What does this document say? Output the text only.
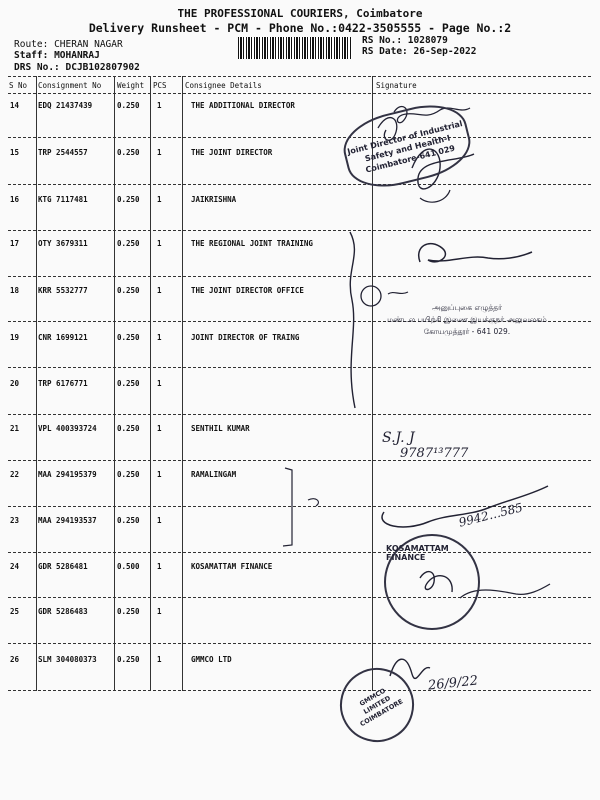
THE PROFESSIONAL COURIERS, Coimbatore
Delivery Runsheet - PCM - Phone No.:0422-3505555 - Page No.:2
Route: CHERAN NAGAR
Staff: MOHANRAJ
DRS No.: DCJB102807902
RS No.: 1028079
RS Date: 26-Sep-2022
S No Consignment No Weight PCS Consignee Details	Signature
14	EDQ 21437439	0.250 1	THE ADDITIONAL DIRECTOR
15	TRP 2544557	0.250 1	THE JOINT DIRECTOR
16	KTG 7117481	0.250 1	JAIKRISHNA
17	OTY 3679311	0.250 1	THE REGIONAL JOINT TRAINING
18	KRR 5532777	0.250 1	THE JOINT DIRECTOR OFFICE
19	CNR 1699121	0.250 1	JOINT DIRECTOR OF TRAING
20	TRP 6176771	0.250 1
21	VPL 400393724	0.250 1	SENTHIL KUMAR
22	MAA 294195379	0.250 1	RAMALINGAM
23	MAA 294193537	0.250 1
24	GDR 5286481	0.500 1	KOSAMATTAM FINANCE
25	GDR 5286483	0.250 1
26	SLM 304080373	0.250 1	GMMCO LTD
Joint Director of Industrial Safety and Health-I Coimbatore-641 029
அனுப்புகை எழுத்தர்
மண்டல பயிற்சி இணை இயக்குநர் அலுவலகம்
கோயமுத்தூர் - 641 029.
S.J. J
9787¹³777
9942…585
KOSAMATTAM FINANCE
GMMCO LIMITED COIMBATORE
26/9/22
